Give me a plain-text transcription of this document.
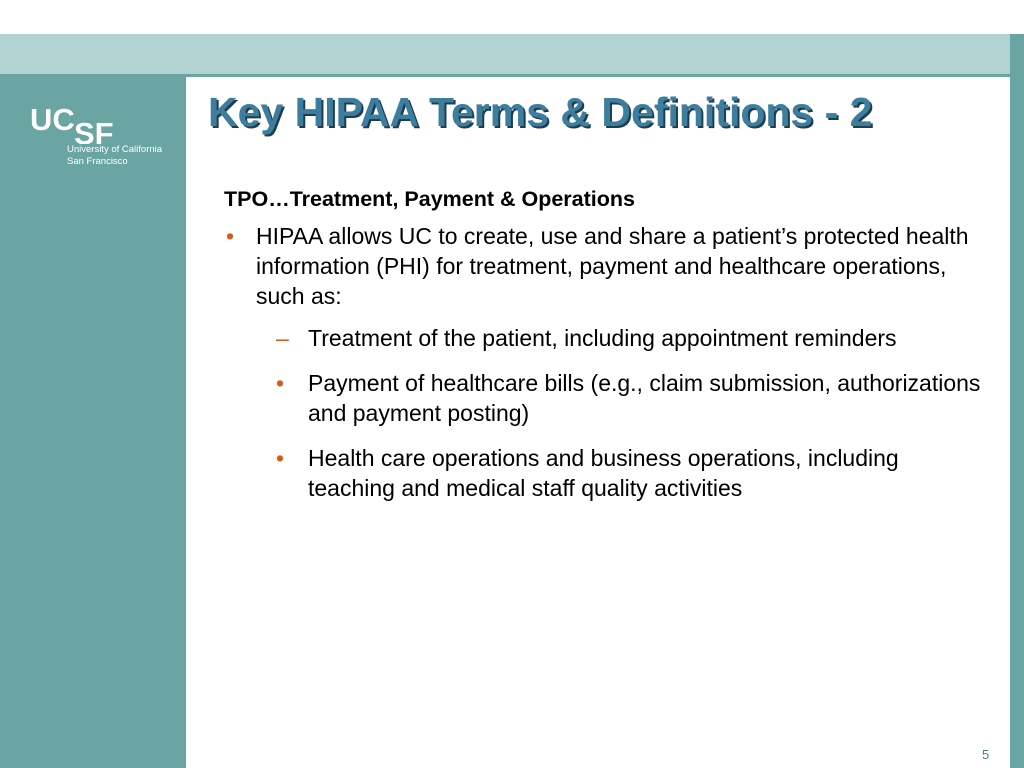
UC SF
University of California
San Francisco
Key HIPAA Terms & Definitions - 2
TPO…Treatment, Payment & Operations
• HIPAA allows UC to create, use and share a patient’s protected health information (PHI) for treatment, payment and healthcare operations, such as:
– Treatment of the patient, including appointment reminders
• Payment of healthcare bills (e.g., claim submission, authorizations and payment posting)
• Health care operations and business operations, including teaching and medical staff quality activities
5
